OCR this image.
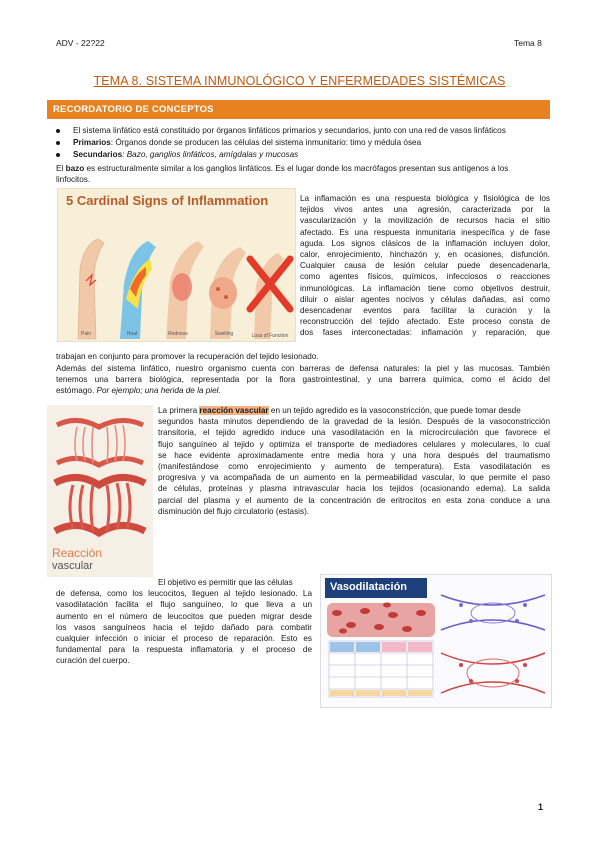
ADV - 22?22	Tema 8
TEMA 8. SISTEMA INMUNOLÓGICO Y ENFERMEDADES SISTÉMICAS
RECORDATORIO DE CONCEPTOS
El sistema linfático está constituido por órganos linfáticos primarios y secundarios, junto con una red de vasos linfáticos
Primarios: Órganos donde se producen las células del sistema inmunitario: timo y médula ósea
Secundarios: Bazo, ganglios linfáticos, amígdalas y mucosas
El bazo es estructuralmente similar a los ganglios linfáticos. Es el lugar donde los macrófagos presentan sus antígenos a los
linfocitos.
5 Cardinal Signs of Inflammation
Pain	Heat	Redness	Swelling	Loss of Function
La inflamación es una respuesta biológica y fisiológica de los
tejidos vivos antes una agresión, caracterizada por la
vascularización y la movilización de recursos hacia el sitio
afectado. Es una respuesta inmunitaria inespecífica y de fase
aguda. Los signos clásicos de la inflamación incluyen dolor,
calor, enrojecimiento, hinchazón y, en ocasiones, disfunción.
Cualquier causa de lesión celular puede desencadenarla,
como agentes físicos, químicos, infecciosos o reacciones
inmunológicas. La inflamación tiene como objetivos destruir,
diluir o aislar agentes nocivos y células dañadas, así como
desencadenar eventos para facilitar la curación y la
reconstrucción del tejido afectado. Este proceso consta de
dos fases interconectadas: inflamación y reparación, que
trabajan en conjunto para promover la recuperación del tejido lesionado.
Además del sistema linfático, nuestro organismo cuenta con barreras de defensa naturales: la piel y las mucosas. También
tenemos una barrera biológica, representada por la flora gastrointestinal, y una barrera química, como el ácido del
estómago. Por ejemplo; una herida de la piel.
Reacción
vascular
La primera reacción vascular en un tejido agredido es la vasoconstricción, que puede tomar desde
segundos hasta minutos dependiendo de la gravedad de la lesión. Después de la vasoconstricción
transitoria, el tejido agredido induce una vasodilatación en la microcirculación que favorece el
flujo sanguíneo al tejido y optimiza el transporte de mediadores celulares y moleculares, lo cual
se hace evidente aproximadamente entre media hora y una hora después del traumatismo
(manifestándose como enrojecimiento y aumento de temperatura). Esta vasodilatación es
progresiva y va acompañada de un aumento en la permeabilidad vascular, lo que permite el paso
de células, proteínas y plasma intravascular hacia los tejidos (ocasionando edema). La salida
parcial del plasma y el aumento de la concentración de eritrocitos en esta zona conduce a una
disminución del flujo circulatorio (estasis).
El objetivo es permitir que las células
de defensa, como los leucocitos, lleguen al tejido lesionado. La
vasodilatación facilita el flujo sanguíneo, lo que lleva a un
aumento en el número de leucocitos que pueden migrar desde
los vasos sanguíneos hacia el tejido dañado para combatir
cualquier infección o iniciar el proceso de reparación. Esto es
fundamental para la respuesta inflamatoria y el proceso de
curación del cuerpo.
Vasodilatación
1
